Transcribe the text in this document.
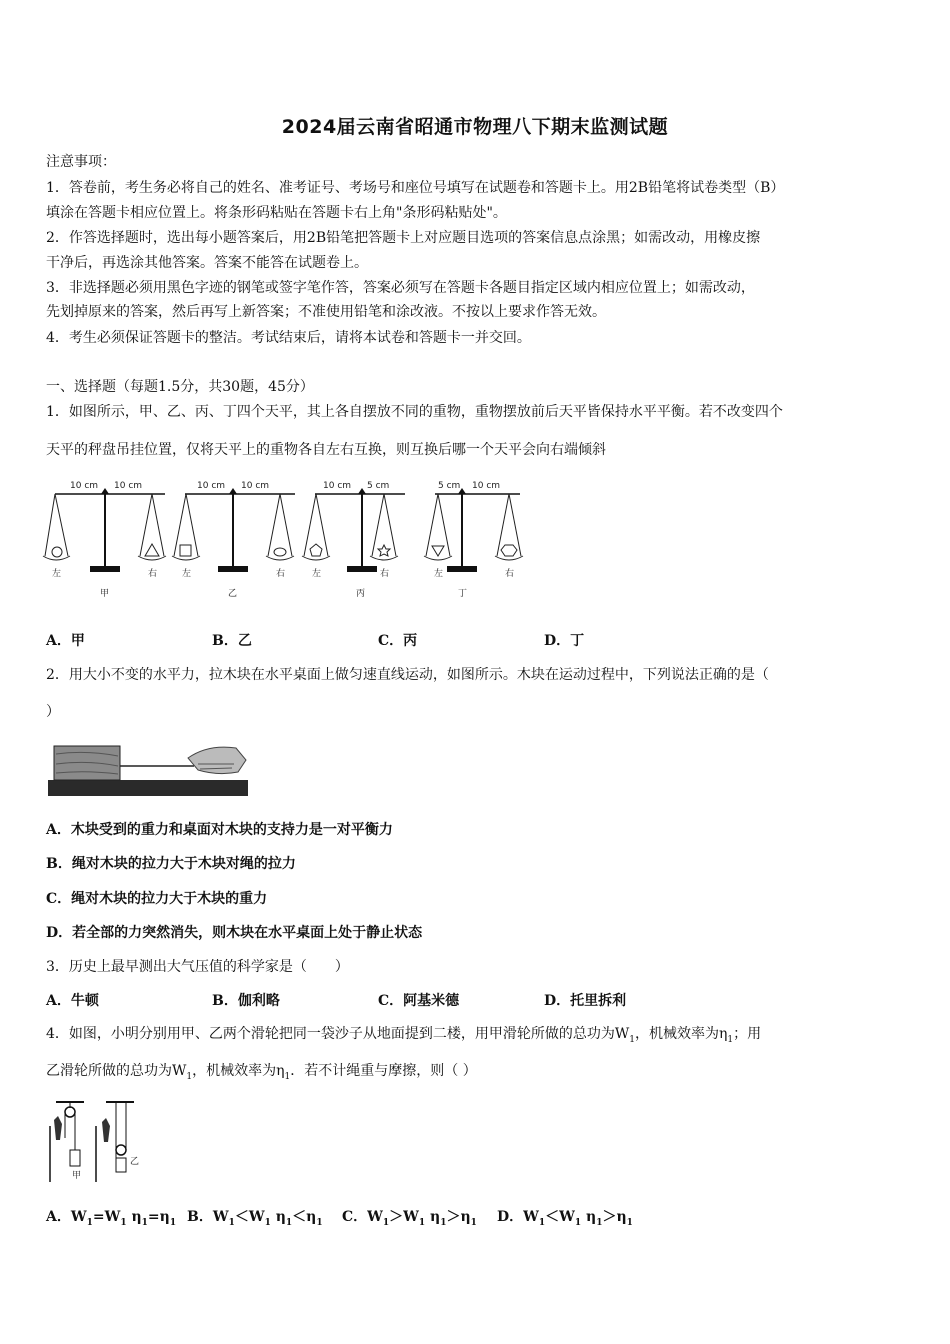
2024届云南省昭通市物理八下期末监测试题
注意事项：
1．答卷前，考生务必将自己的姓名、准考证号、考场号和座位号填写在试题卷和答题卡上。用2B铅笔将试卷类型（B）
填涂在答题卡相应位置上。将条形码粘贴在答题卡右上角"条形码粘贴处"。
2．作答选择题时，选出每小题答案后，用2B铅笔把答题卡上对应题目选项的答案信息点涂黑；如需改动，用橡皮擦
干净后，再选涂其他答案。答案不能答在试题卷上。
3．非选择题必须用黑色字迹的钢笔或签字笔作答，答案必须写在答题卡各题目指定区域内相应位置上；如需改动，
先划掉原来的答案，然后再写上新答案；不准使用铅笔和涂改液。不按以上要求作答无效。
4．考生必须保证答题卡的整洁。考试结束后，请将本试卷和答题卡一并交回。
一、选择题（每题1.5分，共30题，45分）
1．如图所示，甲、乙、丙、丁四个天平，其上各自摆放不同的重物，重物摆放前后天平皆保持水平平衡。若不改变四个
天平的秤盘吊挂位置，仅将天平上的重物各自左右互换，则互换后哪一个天平会向右端倾斜
10 cm 10 cm
左	右
甲
10 cm 10 cm
左	右
乙
10 cm 5 cm
左	右
丙
5 cm 10 cm
左	右
丁
A．甲	B．乙	C．丙	D．丁
2．用大小不变的水平力，拉木块在水平桌面上做匀速直线运动，如图所示。木块在运动过程中，下列说法正确的是（
）
A．木块受到的重力和桌面对木块的支持力是一对平衡力
B．绳对木块的拉力大于木块对绳的拉力
C．绳对木块的拉力大于木块的重力
D．若全部的力突然消失，则木块在水平桌面上处于静止状态
3．历史上最早测出大气压值的科学家是（　　）
A．牛顿	B．伽利略	C．阿基米德	D．托里拆利
4．如图，小明分别用甲、乙两个滑轮把同一袋沙子从地面提到二楼，用甲滑轮所做的总功为$W_1$，机械效率为$\eta_1$；用
乙滑轮所做的总功为$W_1$，机械效率为$\eta_1$．若不计绳重与摩擦，则（ ）
甲
乙
A．$W_1=W_1$ $\eta_1=\eta_1$ B．$W_1<W_1$ $\eta_1<\eta_1$ C．$W_1>W_1$ $\eta_1>\eta_1$ D．$W_1<W_1$ $\eta_1>\eta_1$
